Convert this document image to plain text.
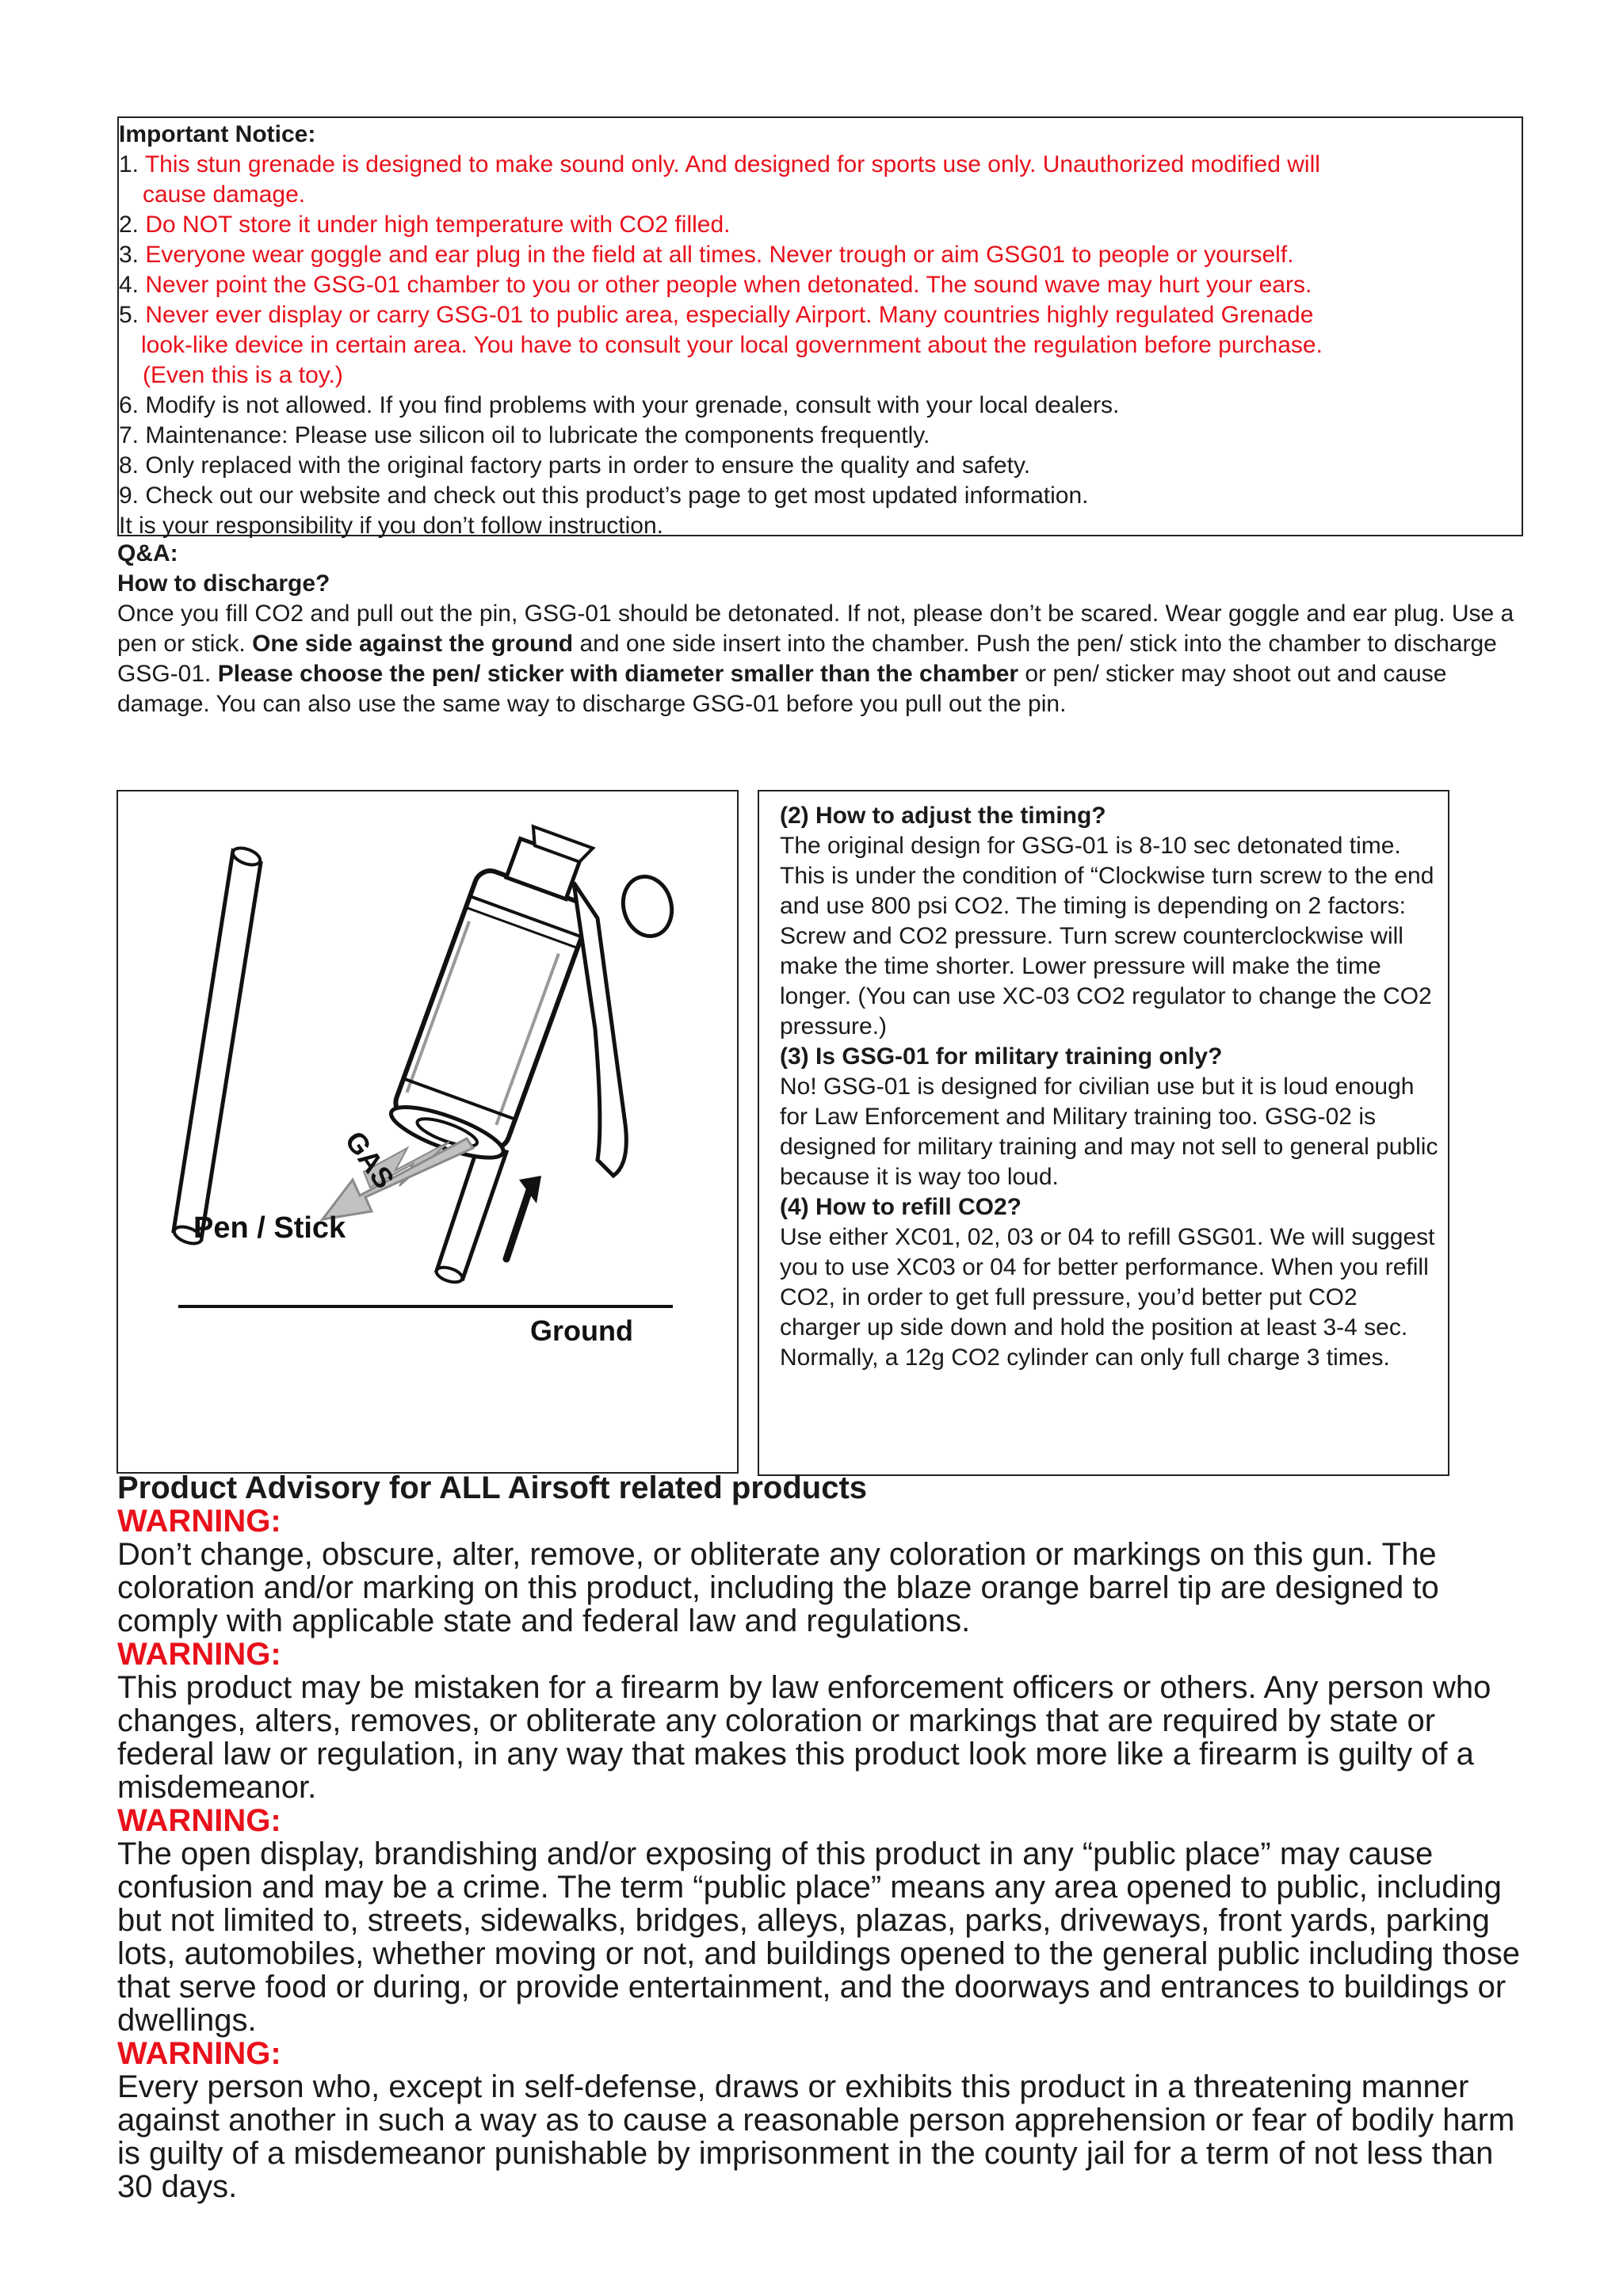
Important Notice:

1. This stun grenade is designed to make sound only. And designed for sports use only. Unauthorized modified will

cause damage.

2. Do NOT store it under high temperature with CO2 filled.

3. Everyone wear goggle and ear plug in the field at all times. Never trough or aim GSG01 to people or yourself.

4. Never point the GSG-01 chamber to you or other people when detonated. The sound wave may hurt your ears.

5. Never ever display or carry GSG-01 to public area, especially Airport. Many countries highly regulated Grenade

look-like device in certain area. You have to consult your local government about the regulation before purchase.

(Even this is a toy.)

6. Modify is not allowed. If you find problems with your grenade, consult with your local dealers.

7. Maintenance: Please use silicon oil to lubricate the components frequently.

8. Only replaced with the original factory parts in order to ensure the quality and safety.

9. Check out our website and check out this product’s page to get most updated information.

It is your responsibility if you don’t follow instruction.

Q&A:

How to discharge?

Once you fill CO2 and pull out the pin, GSG-01 should be detonated. If not, please don’t be scared. Wear goggle and ear plug. Use a pen or stick. One side against the ground and one side insert into the chamber. Push the pen/ stick into the chamber to discharge GSG-01. Please choose the pen/ sticker with diameter smaller than the chamber or pen/ sticker may shoot out and cause damage. You can also use the same way to discharge GSG-01 before you pull out the pin.

GAS
Pen / Stick
Ground

(2) How to adjust the timing?

The original design for GSG-01 is 8-10 sec detonated time. This is under the condition of “Clockwise turn screw to the end and use 800 psi CO2. The timing is depending on 2 factors: Screw and CO2 pressure. Turn screw counterclockwise will make the time shorter. Lower pressure will make the time longer. (You can use XC-03 CO2 regulator to change the CO2 pressure.)

(3) Is GSG-01 for military training only?

No! GSG-01 is designed for civilian use but it is loud enough for Law Enforcement and Military training too. GSG-02 is designed for military training and may not sell to general public because it is way too loud.

(4) How to refill CO2?

Use either XC01, 02, 03 or 04 to refill GSG01. We will suggest you to use XC03 or 04 for better performance. When you refill CO2, in order to get full pressure, you’d better put CO2 charger up side down and hold the position at least 3-4 sec. Normally, a 12g CO2 cylinder can only full charge 3 times.

Product Advisory for ALL Airsoft related products

WARNING:

Don’t change, obscure, alter, remove, or obliterate any coloration or markings on this gun. The coloration and/or marking on this product, including the blaze orange barrel tip are designed to comply with applicable state and federal law and regulations.

WARNING:

This product may be mistaken for a firearm by law enforcement officers or others. Any person who changes, alters, removes, or obliterate any coloration or markings that are required by state or federal law or regulation, in any way that makes this product look more like a firearm is guilty of a misdemeanor.

WARNING:

The open display, brandishing and/or exposing of this product in any “public place” may cause confusion and may be a crime. The term “public place” means any area opened to public, including but not limited to, streets, sidewalks, bridges, alleys, plazas, parks, driveways, front yards, parking lots, automobiles, whether moving or not, and buildings opened to the general public including those that serve food or during, or provide entertainment, and the doorways and entrances to buildings or dwellings.

WARNING:

Every person who, except in self-defense, draws or exhibits this product in a threatening manner against another in such a way as to cause a reasonable person apprehension or fear of bodily harm is guilty of a misdemeanor punishable by imprisonment in the county jail for a term of not less than 30 days.
